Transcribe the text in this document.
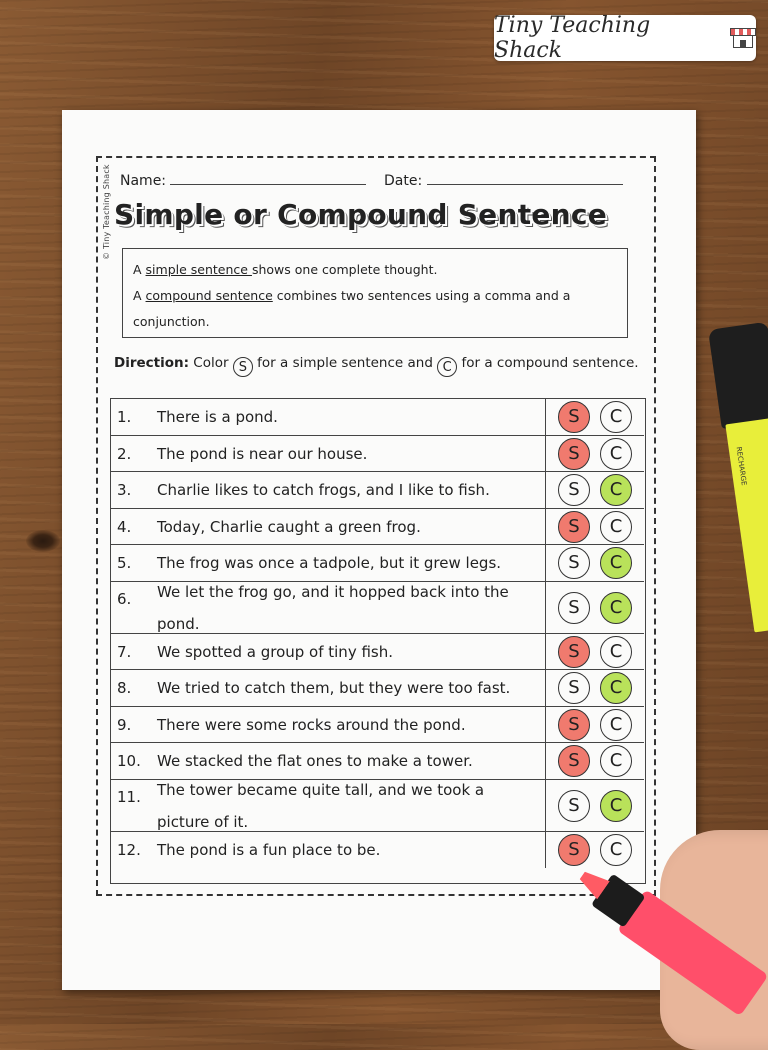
Tiny Teaching Shack
RECHARGE
© Tiny Teaching Shack Name:	Date:
Simple or Compound Sentence
A simple sentence shows one complete thought.
A compound sentence combines two sentences using a comma and a conjunction.
Direction: Color S for a simple sentence and C for a compound sentence.
1. There is a pond.	S	C
2. The pond is near our house.	S	C
3. Charlie likes to catch frogs, and I like to fish.	S	C
4. Today, Charlie caught a green frog.	S	C
5. The frog was once a tadpole, but it grew legs.	S	C
6. We let the frog go, and it hopped back into the pond.
S	C
7. We spotted a group of tiny fish.	S	C
8. We tried to catch them, but they were too fast.	S	C
9. There were some rocks around the pond.	S	C
10. We stacked the flat ones to make a tower.	S	C
11. The tower became quite tall, and we took a picture of it.
S	C
12. The pond is a fun place to be.	S	C
